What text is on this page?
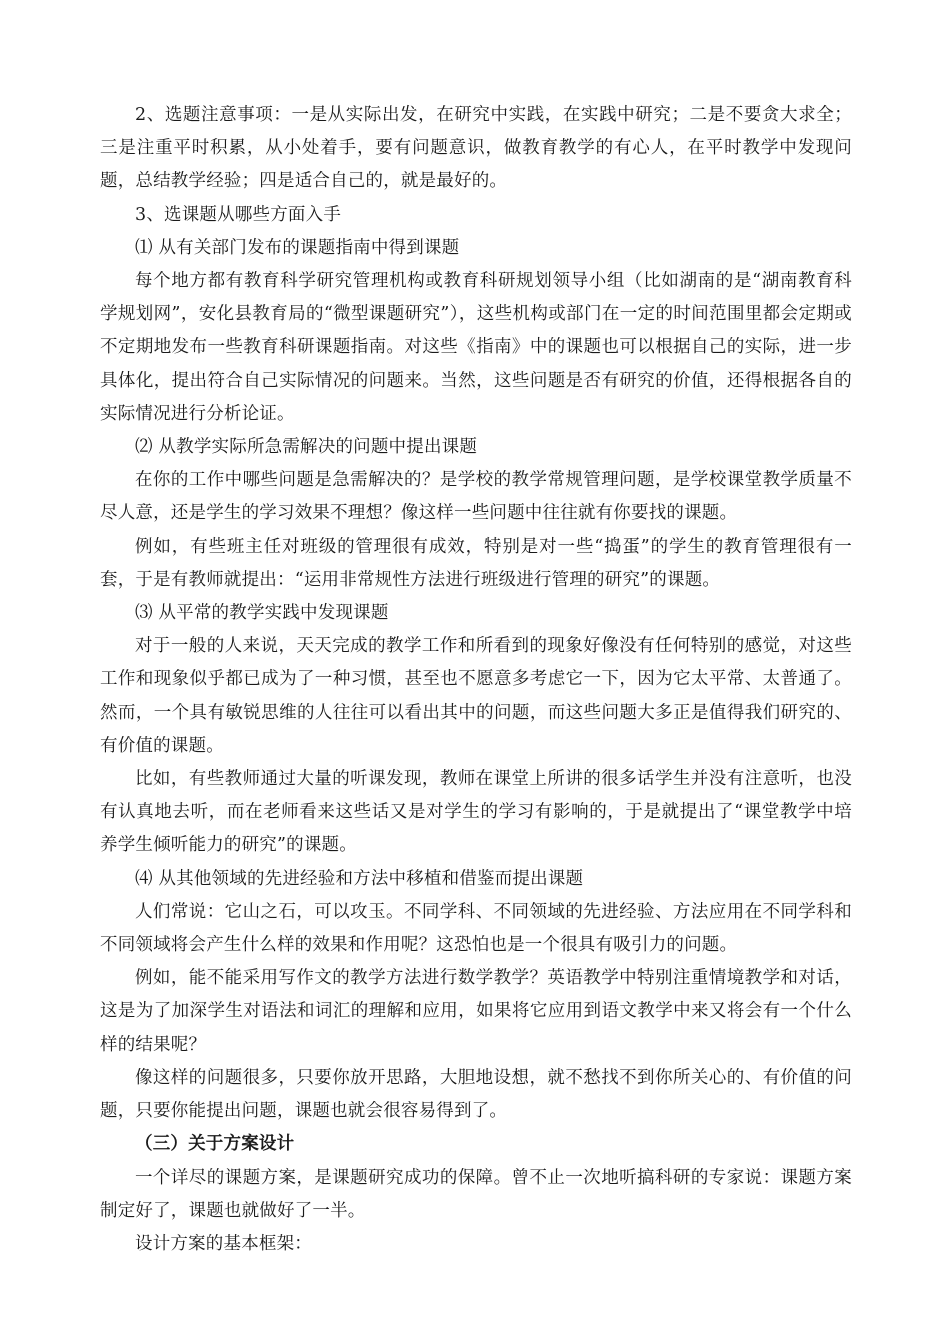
2、选题注意事项：一是从实际出发，在研究中实践，在实践中研究；二是不要贪大求全；三是注重平时积累，从小处着手，要有问题意识，做教育教学的有心人，在平时教学中发现问题，总结教学经验；四是适合自己的，就是最好的。

3、选课题从哪些方面入手

⑴ 从有关部门发布的课题指南中得到课题

每个地方都有教育科学研究管理机构或教育科研规划领导小组（比如湖南的是“湖南教育科学规划网”，安化县教育局的“微型课题研究”），这些机构或部门在一定的时间范围里都会定期或不定期地发布一些教育科研课题指南。对这些《指南》中的课题也可以根据自己的实际，进一步具体化，提出符合自己实际情况的问题来。当然，这些问题是否有研究的价值，还得根据各自的实际情况进行分析论证。

⑵ 从教学实际所急需解决的问题中提出课题

在你的工作中哪些问题是急需解决的？是学校的教学常规管理问题，是学校课堂教学质量不尽人意，还是学生的学习效果不理想？像这样一些问题中往往就有你要找的课题。

例如，有些班主任对班级的管理很有成效，特别是对一些“捣蛋”的学生的教育管理很有一套，于是有教师就提出：“运用非常规性方法进行班级进行管理的研究”的课题。

⑶ 从平常的教学实践中发现课题

对于一般的人来说，天天完成的教学工作和所看到的现象好像没有任何特别的感觉，对这些工作和现象似乎都已成为了一种习惯，甚至也不愿意多考虑它一下，因为它太平常、太普通了。然而，一个具有敏锐思维的人往往可以看出其中的问题，而这些问题大多正是值得我们研究的、有价值的课题。

比如，有些教师通过大量的听课发现，教师在课堂上所讲的很多话学生并没有注意听，也没有认真地去听，而在老师看来这些话又是对学生的学习有影响的，于是就提出了“课堂教学中培养学生倾听能力的研究”的课题。

⑷ 从其他领域的先进经验和方法中移植和借鉴而提出课题

人们常说：它山之石，可以攻玉。不同学科、不同领域的先进经验、方法应用在不同学科和不同领域将会产生什么样的效果和作用呢？这恐怕也是一个很具有吸引力的问题。

例如，能不能采用写作文的教学方法进行数学教学？英语教学中特别注重情境教学和对话，这是为了加深学生对语法和词汇的理解和应用，如果将它应用到语文教学中来又将会有一个什么样的结果呢？

像这样的问题很多，只要你放开思路，大胆地设想，就不愁找不到你所关心的、有价值的问题，只要你能提出问题，课题也就会很容易得到了。

（三）关于方案设计

一个详尽的课题方案，是课题研究成功的保障。曾不止一次地听搞科研的专家说：课题方案制定好了，课题也就做好了一半。

设计方案的基本框架：
